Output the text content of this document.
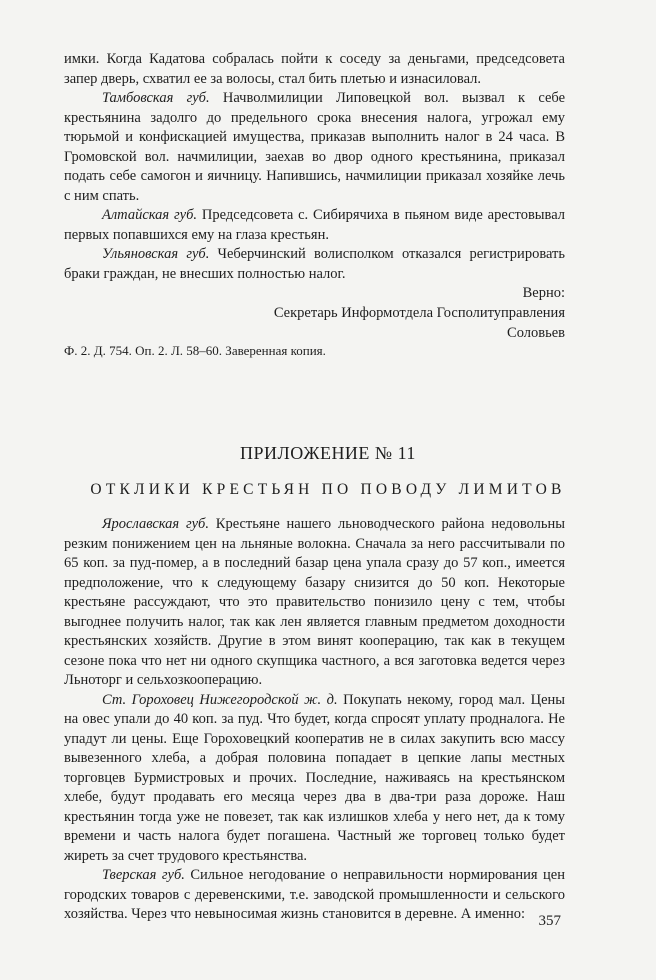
имки. Когда Кадатова собралась пойти к соседу за деньгами, председсовета запер дверь, схватил ее за волосы, стал бить плетью и изнасиловал.

Тамбовская губ. Начволмилиции Липовецкой вол. вызвал к себе крестьянина задолго до предельного срока внесения налога, угрожал ему тюрьмой и конфискацией имущества, приказав выполнить налог в 24 часа. В Громовской вол. начмилиции, заехав во двор одного крестьянина, приказал подать себе самогон и яичницу. Напившись, начмилиции приказал хозяйке лечь с ним спать.

Алтайская губ. Председсовета с. Сибирячиха в пьяном виде арестовывал первых попавшихся ему на глаза крестьян.

Ульяновская губ. Чеберчинский волисполком отказался регистрировать браки граждан, не внесших полностью налог.

Верно:
Секретарь Информотдела Госполитуправления
Соловьев
Ф. 2. Д. 754. Оп. 2. Л. 58–60. Заверенная копия.
ПРИЛОЖЕНИЕ № 11
ОТКЛИКИ КРЕСТЬЯН ПО ПОВОДУ ЛИМИТОВ

Ярославская губ. Крестьяне нашего льноводческого района недовольны резким понижением цен на льняные волокна. Сначала за него рассчитывали по 65 коп. за пуд-помер, а в последний базар цена упала сразу до 57 коп., имеется предположение, что к следующему базару снизится до 50 коп. Некоторые крестьяне рассуждают, что это правительство понизило цену с тем, чтобы выгоднее получить налог, так как лен является главным предметом доходности крестьянских хозяйств. Другие в этом винят кооперацию, так как в текущем сезоне пока что нет ни одного скупщика частного, а вся заготовка ведется через Льноторг и сельхозкооперацию.

Ст. Гороховец Нижегородской ж. д. Покупать некому, город мал. Цены на овес упали до 40 коп. за пуд. Что будет, когда спросят уплату продналога. Не упадут ли цены. Еще Гороховецкий кооператив не в силах закупить всю массу вывезенного хлеба, а добрая половина попадает в цепкие лапы местных торговцев Бурмистровых и прочих. Последние, наживаясь на крестьянском хлебе, будут продавать его месяца через два в два-три раза дороже. Наш крестьянин тогда уже не повезет, так как излишков хлеба у него нет, да к тому времени и часть налога будет погашена. Частный же торговец только будет жиреть за счет трудового крестьянства.

Тверская губ. Сильное негодование о неправильности нормирования цен городских товаров с деревенскими, т.е. заводской промышленности и сельского хозяйства. Через что невыносимая жизнь становится в деревне. А именно: 357
